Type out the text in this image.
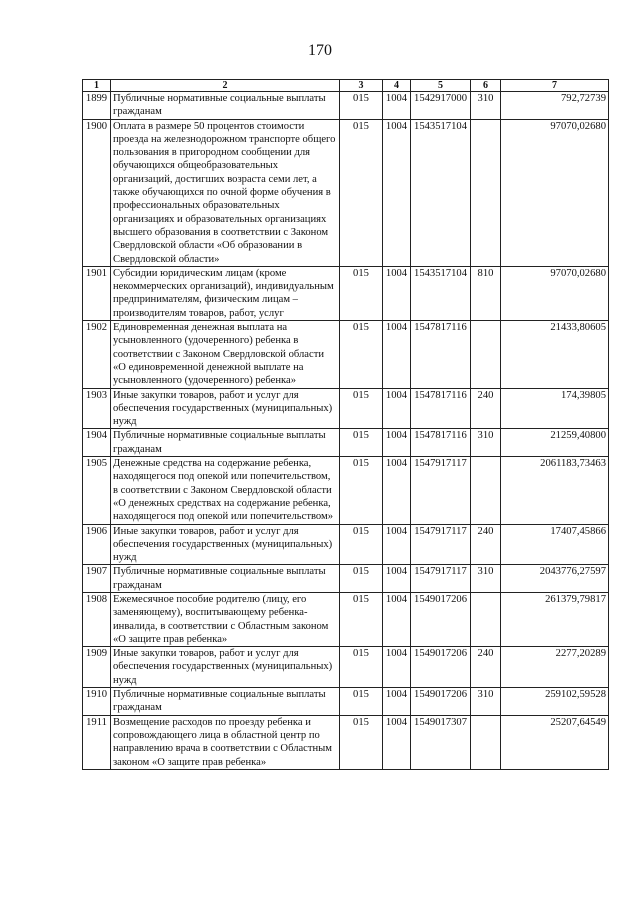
170
1	2	3	4	5	6	7
1899	Публичные нормативные социальные выплаты гражданам	015	1004	1542917000	310	792,72739
1900	Оплата в размере 50 процентов стоимости проезда на железнодорожном транспорте общего пользования в пригородном сообщении для обучающихся общеобразовательных организаций, достигших возраста семи лет, а также обучающихся по очной форме обучения в профессиональных образовательных организациях и образовательных организациях высшего образования в соответствии с Законом Свердловской области «Об образовании в Свердловской области»	015	1004	1543517104		97070,02680
1901	Субсидии юридическим лицам (кроме некоммерческих организаций), индивидуальным предпринимателям, физическим лицам – производителям товаров, работ, услуг	015	1004	1543517104	810	97070,02680
1902	Единовременная денежная выплата на усыновленного (удочеренного) ребенка в соответствии с Законом Свердловской области «О единовременной денежной выплате на усыновленного (удочеренного) ребенка»	015	1004	1547817116		21433,80605
1903	Иные закупки товаров, работ и услуг для обеспечения государственных (муниципальных) нужд	015	1004	1547817116	240	174,39805
1904	Публичные нормативные социальные выплаты гражданам	015	1004	1547817116	310	21259,40800
1905	Денежные средства на содержание ребенка, находящегося под опекой или попечительством, в соответствии с Законом Свердловской области «О денежных средствах на содержание ребенка, находящегося под опекой или попечительством»	015	1004	1547917117		2061183,73463
1906	Иные закупки товаров, работ и услуг для обеспечения государственных (муниципальных) нужд	015	1004	1547917117	240	17407,45866
1907	Публичные нормативные социальные выплаты гражданам	015	1004	1547917117	310	2043776,27597
1908	Ежемесячное пособие родителю (лицу, его заменяющему), воспитывающему ребенка-инвалида, в соответствии с Областным законом «О защите прав ребенка»	015	1004	1549017206		261379,79817
1909	Иные закупки товаров, работ и услуг для обеспечения государственных (муниципальных) нужд	015	1004	1549017206	240	2277,20289
1910	Публичные нормативные социальные выплаты гражданам	015	1004	1549017206	310	259102,59528
1911	Возмещение расходов по проезду ребенка и сопровождающего лица в областной центр по направлению врача в соответствии с Областным законом «О защите прав ребенка»	015	1004	1549017307		25207,64549
